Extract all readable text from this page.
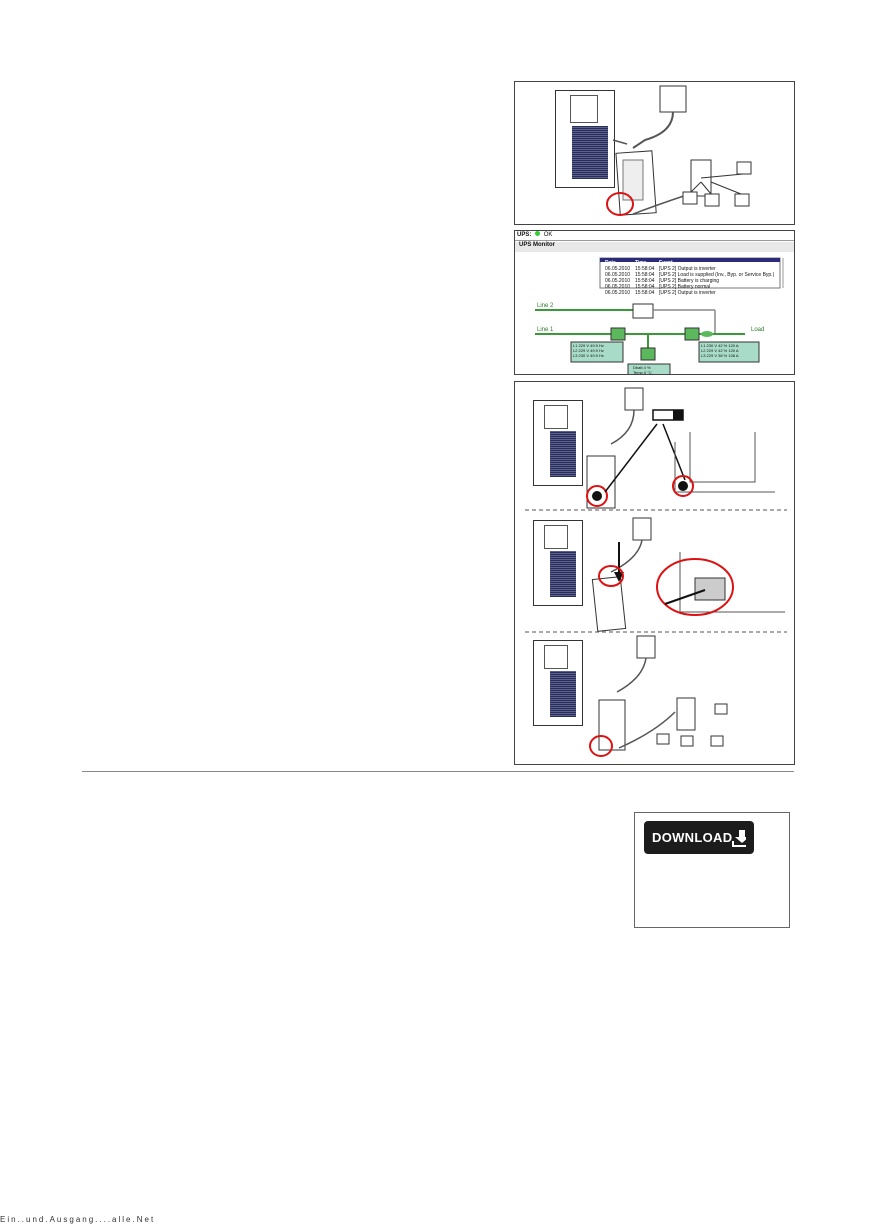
UPS: OK
UPS Monitor
Date	Time Event
06.05.2010 15:58:04 [UPS 2] Output is inverter
06.05.2010 15:58:04 [UPS 2] Load is supplied (Inv., Byp. or Service Byp.)
06.05.2010 15:58:04 [UPS 2] Battery is charging
06.05.2010 15:58:04 [UPS 2] Battery normal
06.05.2010 15:58:04 [UPS 2] Output is inverter
Line 2
Line 1	Load
L1 229 V 49.9 Hz
L2 229 V 49.9 Hz
L3 230 V 49.9 Hz
L1 230 V 42 % 120 A
L2 229 V 42 % 120 A
L3 229 V 38 % 108 A
Dbatt 4 %
Temp 0 °C
DOWNLOAD
Ein..und.Ausgang....alle.Net
